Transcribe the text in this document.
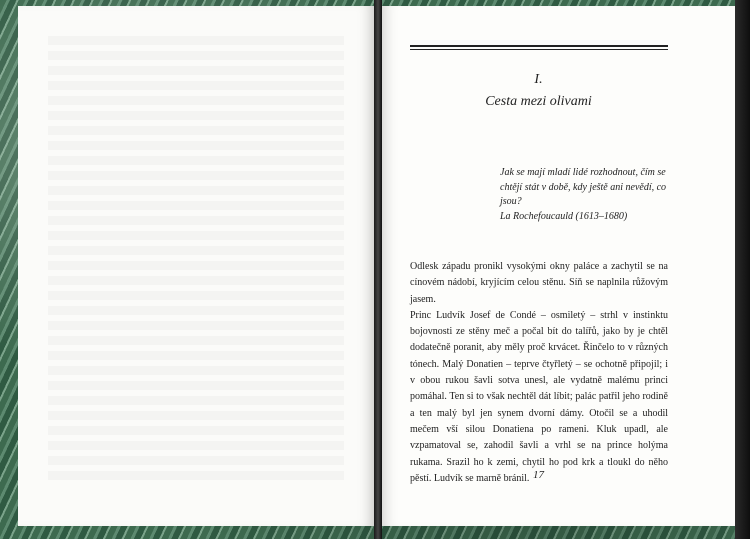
I.
Cesta mezi olivami
Jak se mají mladí lidé rozhodnout, čím se chtějí stát v době, kdy ještě ani nevědí, co jsou?
La Rochefoucauld (1613–1680)

Odlesk západu pronikl vysokými okny paláce a zachytil se na cínovém nádobí, kryjícím celou stěnu. Síň se naplnila růžovým jasem.

Princ Ludvík Josef de Condé – osmiletý – strhl v instinktu bojovnosti ze stěny meč a počal bít do talířů, jako by je chtěl dodatečně poranit, aby měly proč krvácet. Řinčelo to v různých tónech. Malý Donatien – teprve čtyřletý – se ochotně připojil; i v obou rukou šavli sotva unesl, ale vydatně malému princi pomáhal. Ten si to však nechtěl dát líbit; palác patřil jeho rodině a ten malý byl jen synem dvorní dámy. Otočil se a uhodil mečem vší silou Donatiena po rameni. Kluk upadl, ale vzpamatoval se, zahodil šavli a vrhl se na prince holýma rukama. Srazil ho k zemi, chytil ho pod krk a tloukl do něho pěstí. Ludvík se marně bránil. 17
